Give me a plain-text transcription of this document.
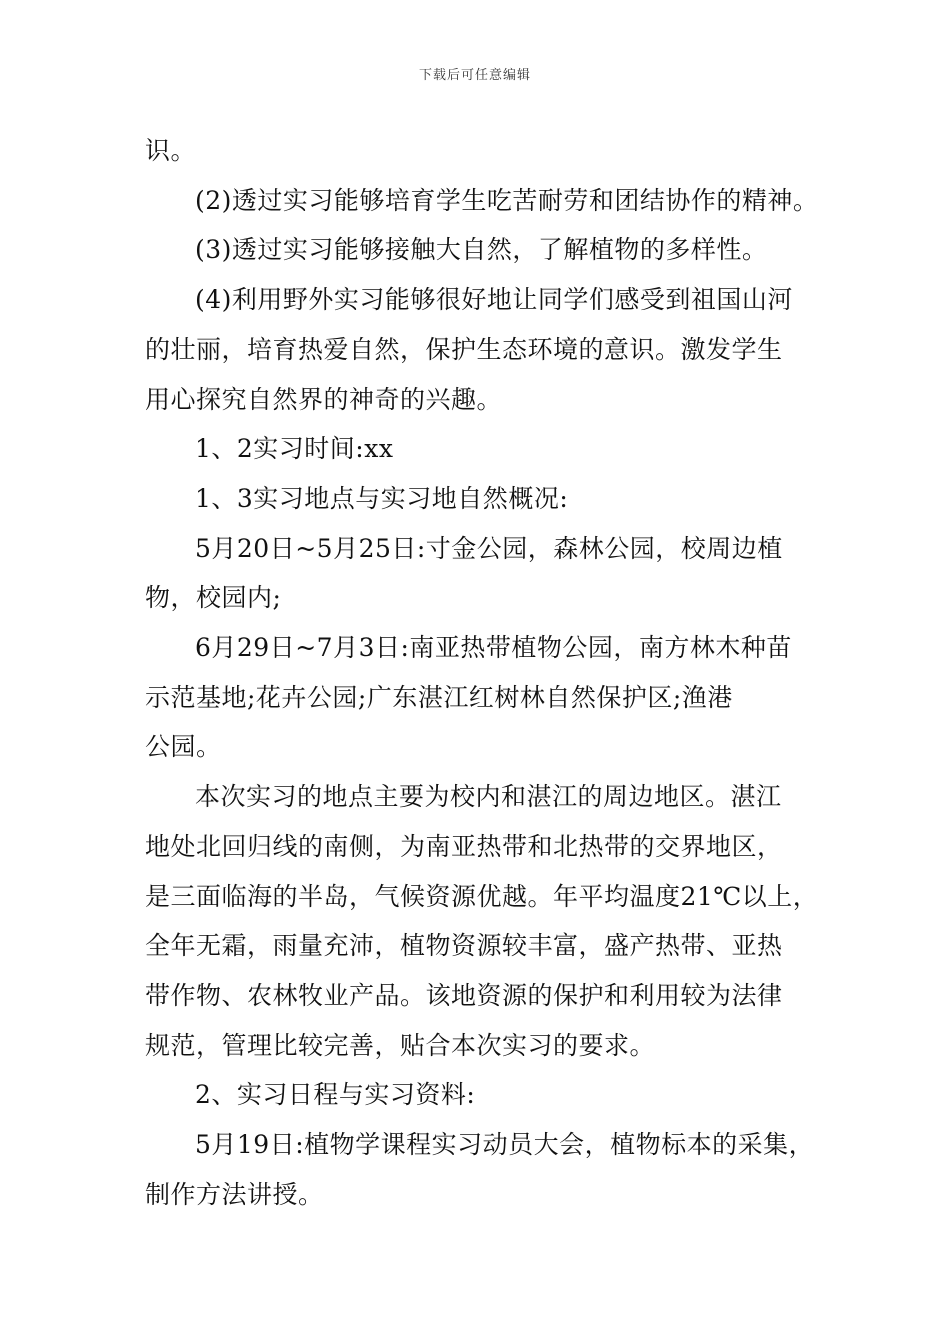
下载后可任意编辑
识。
(2)透过实习能够培育学生吃苦耐劳和团结协作的精神。
(3)透过实习能够接触大自然，了解植物的多样性。
(4)利用野外实习能够很好地让同学们感受到祖国山河
的壮丽，培育热爱自然，保护生态环境的意识。激发学生
用心探究自然界的神奇的兴趣。
1、2实习时间:xx
1、3实习地点与实习地自然概况:
5月20日~5月25日:寸金公园，森林公园，校周边植
物，校园内;
6月29日~7月3日:南亚热带植物公园，南方林木种苗
示范基地;花卉公园;广东湛江红树林自然保护区;渔港
公园。
本次实习的地点主要为校内和湛江的周边地区。湛江
地处北回归线的南侧，为南亚热带和北热带的交界地区，
是三面临海的半岛，气候资源优越。年平均温度21℃以上，
全年无霜，雨量充沛，植物资源较丰富，盛产热带、亚热
带作物、农林牧业产品。该地资源的保护和利用较为法律
规范，管理比较完善，贴合本次实习的要求。
2、实习日程与实习资料:
5月19日:植物学课程实习动员大会，植物标本的采集，
制作方法讲授。
